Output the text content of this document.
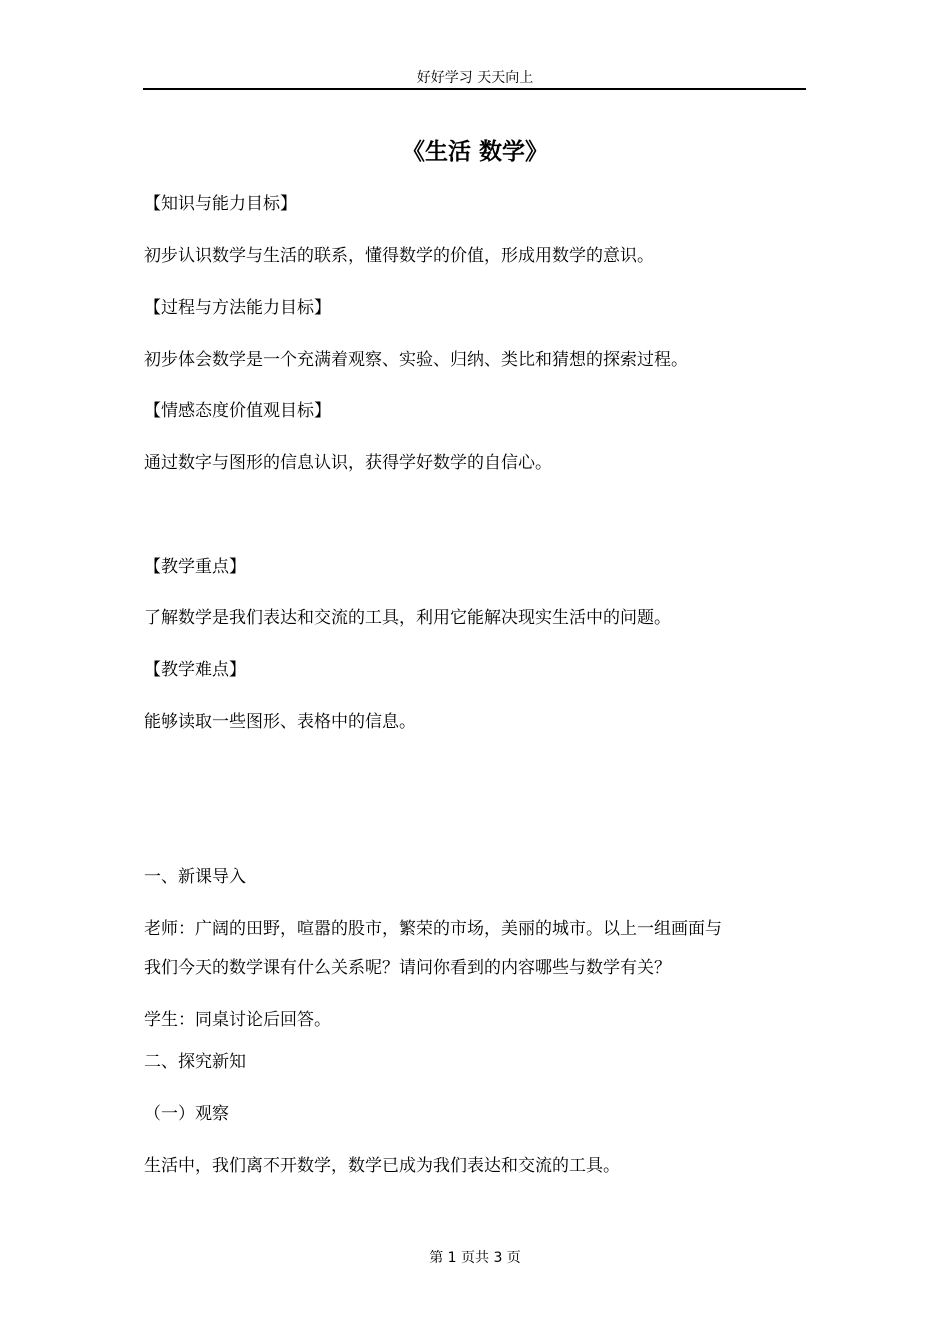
好好学习 天天向上
《生活 数学》
【知识与能力目标】
初步认识数学与生活的联系，懂得数学的价值，形成用数学的意识。
【过程与方法能力目标】
初步体会数学是一个充满着观察、实验、归纳、类比和猜想的探索过程。
【情感态度价值观目标】
通过数字与图形的信息认识，获得学好数学的自信心。
【教学重点】
了解数学是我们表达和交流的工具，利用它能解决现实生活中的问题。
【教学难点】
能够读取一些图形、表格中的信息。
一、新课导入
老师：广阔的田野，喧嚣的股市，繁荣的市场，美丽的城市。以上一组画面与
我们今天的数学课有什么关系呢？请问你看到的内容哪些与数学有关？
学生：同桌讨论后回答。
二、探究新知
（一）观察
生活中，我们离不开数学，数学已成为我们表达和交流的工具。
第 1 页共 3 页
